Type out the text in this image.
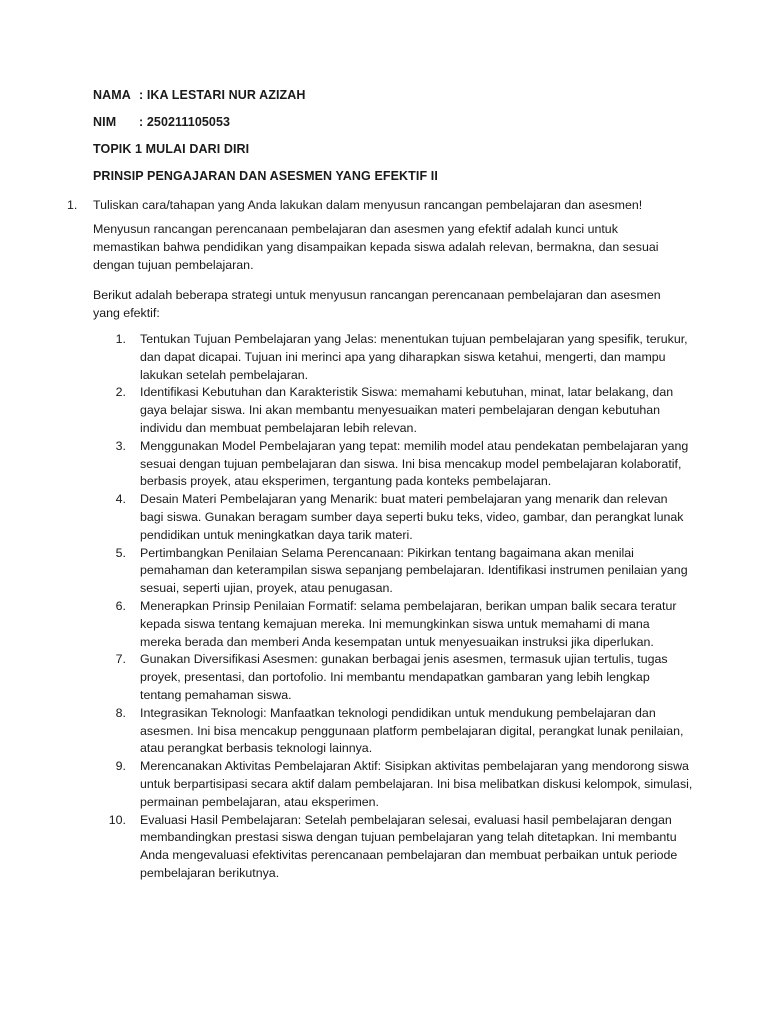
NAMA : IKA LESTARI NUR AZIZAH
NIM : 250211105053
TOPIK 1 MULAI DARI DIRI
PRINSIP PENGAJARAN DAN ASESMEN YANG EFEKTIF II
1. Tuliskan cara/tahapan yang Anda lakukan dalam menyusun rancangan pembelajaran dan asesmen!

Menyusun rancangan perencanaan pembelajaran dan asesmen yang efektif adalah kunci untuk memastikan bahwa pendidikan yang disampaikan kepada siswa adalah relevan, bermakna, dan sesuai dengan tujuan pembelajaran.

Berikut adalah beberapa strategi untuk menyusun rancangan perencanaan pembelajaran dan asesmen yang efektif:

1. Tentukan Tujuan Pembelajaran yang Jelas: menentukan tujuan pembelajaran yang spesifik, terukur, dan dapat dicapai. Tujuan ini merinci apa yang diharapkan siswa ketahui, mengerti, dan mampu lakukan setelah pembelajaran.
2. Identifikasi Kebutuhan dan Karakteristik Siswa: memahami kebutuhan, minat, latar belakang, dan gaya belajar siswa. Ini akan membantu menyesuaikan materi pembelajaran dengan kebutuhan individu dan membuat pembelajaran lebih relevan.
3. Menggunakan Model Pembelajaran yang tepat: memilih model atau pendekatan pembelajaran yang sesuai dengan tujuan pembelajaran dan siswa. Ini bisa mencakup model pembelajaran kolaboratif, berbasis proyek, atau eksperimen, tergantung pada konteks pembelajaran.
4. Desain Materi Pembelajaran yang Menarik: buat materi pembelajaran yang menarik dan relevan bagi siswa. Gunakan beragam sumber daya seperti buku teks, video, gambar, dan perangkat lunak pendidikan untuk meningkatkan daya tarik materi.
5. Pertimbangkan Penilaian Selama Perencanaan: Pikirkan tentang bagaimana akan menilai pemahaman dan keterampilan siswa sepanjang pembelajaran. Identifikasi instrumen penilaian yang sesuai, seperti ujian, proyek, atau penugasan.
6. Menerapkan Prinsip Penilaian Formatif: selama pembelajaran, berikan umpan balik secara teratur kepada siswa tentang kemajuan mereka. Ini memungkinkan siswa untuk memahami di mana mereka berada dan memberi Anda kesempatan untuk menyesuaikan instruksi jika diperlukan.
7. Gunakan Diversifikasi Asesmen: gunakan berbagai jenis asesmen, termasuk ujian tertulis, tugas proyek, presentasi, dan portofolio. Ini membantu mendapatkan gambaran yang lebih lengkap tentang pemahaman siswa.
8. Integrasikan Teknologi: Manfaatkan teknologi pendidikan untuk mendukung pembelajaran dan asesmen. Ini bisa mencakup penggunaan platform pembelajaran digital, perangkat lunak penilaian, atau perangkat berbasis teknologi lainnya.
9. Merencanakan Aktivitas Pembelajaran Aktif: Sisipkan aktivitas pembelajaran yang mendorong siswa untuk berpartisipasi secara aktif dalam pembelajaran. Ini bisa melibatkan diskusi kelompok, simulasi, permainan pembelajaran, atau eksperimen.
10. Evaluasi Hasil Pembelajaran: Setelah pembelajaran selesai, evaluasi hasil pembelajaran dengan membandingkan prestasi siswa dengan tujuan pembelajaran yang telah ditetapkan. Ini membantu Anda mengevaluasi efektivitas perencanaan pembelajaran dan membuat perbaikan untuk periode pembelajaran berikutnya.
